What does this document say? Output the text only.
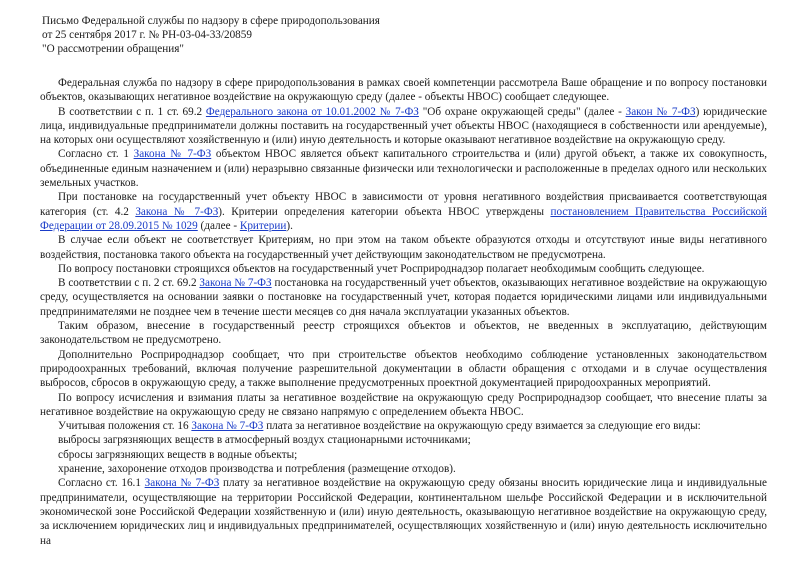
Письмо Федеральной службы по надзору в сфере природопользования
от 25 сентября 2017 г. № РН-03-04-33/20859
"О рассмотрении обращения"

Федеральная служба по надзору в сфере природопользования в рамках своей компетенции рассмотрела Ваше обращение и по вопросу постановки объектов, оказывающих негативное воздействие на окружающую среду (далее - объекты НВОС) сообщает следующее.

В соответствии с п. 1 ст. 69.2 Федерального закона от 10.01.2002 № 7-ФЗ "Об охране окружающей среды" (далее - Закон № 7-ФЗ) юридические лица, индивидуальные предприниматели должны поставить на государственный учет объекты НВОС (находящиеся в собственности или арендуемые), на которых они осуществляют хозяйственную и (или) иную деятельность и которые оказывают негативное воздействие на окружающую среду.

Согласно ст. 1 Закона № 7-ФЗ объектом НВОС является объект капитального строительства и (или) другой объект, а также их совокупность, объединенные единым назначением и (или) неразрывно связанные физически или технологически и расположенные в пределах одного или нескольких земельных участков.

При постановке на государственный учет объекту НВОС в зависимости от уровня негативного воздействия присваивается соответствующая категория (ст. 4.2 Закона № 7-ФЗ). Критерии определения категории объекта НВОС утверждены постановлением Правительства Российской Федерации от 28.09.2015 № 1029 (далее - Критерии).

В случае если объект не соответствует Критериям, но при этом на таком объекте образуются отходы и отсутствуют иные виды негативного воздействия, постановка такого объекта на государственный учет действующим законодательством не предусмотрена.

По вопросу постановки строящихся объектов на государственный учет Росприроднадзор полагает необходимым сообщить следующее.

В соответствии с п. 2 ст. 69.2 Закона № 7-ФЗ постановка на государственный учет объектов, оказывающих негативное воздействие на окружающую среду, осуществляется на основании заявки о постановке на государственный учет, которая подается юридическими лицами или индивидуальными предпринимателями не позднее чем в течение шести месяцев со дня начала эксплуатации указанных объектов.

Таким образом, внесение в государственный реестр строящихся объектов и объектов, не введенных в эксплуатацию, действующим законодательством не предусмотрено.

Дополнительно Росприроднадзор сообщает, что при строительстве объектов необходимо соблюдение установленных законодательством природоохранных требований, включая получение разрешительной документации в области обращения с отходами и в случае осуществления выбросов, сбросов в окружающую среду, а также выполнение предусмотренных проектной документацией природоохранных мероприятий.

По вопросу исчисления и взимания платы за негативное воздействие на окружающую среду Росприроднадзор сообщает, что внесение платы за негативное воздействие на окружающую среду не связано напрямую с определением объекта НВОС.

Учитывая положения ст. 16 Закона № 7-ФЗ плата за негативное воздействие на окружающую среду взимается за следующие его виды:

выбросы загрязняющих веществ в атмосферный воздух стационарными источниками;

сбросы загрязняющих веществ в водные объекты;

хранение, захоронение отходов производства и потребления (размещение отходов).

Согласно ст. 16.1 Закона № 7-ФЗ плату за негативное воздействие на окружающую среду обязаны вносить юридические лица и индивидуальные предприниматели, осуществляющие на территории Российской Федерации, континентальном шельфе Российской Федерации и в исключительной экономической зоне Российской Федерации хозяйственную и (или) иную деятельность, оказывающую негативное воздействие на окружающую среду, за исключением юридических лиц и индивидуальных предпринимателей, осуществляющих хозяйственную и (или) иную деятельность исключительно на
